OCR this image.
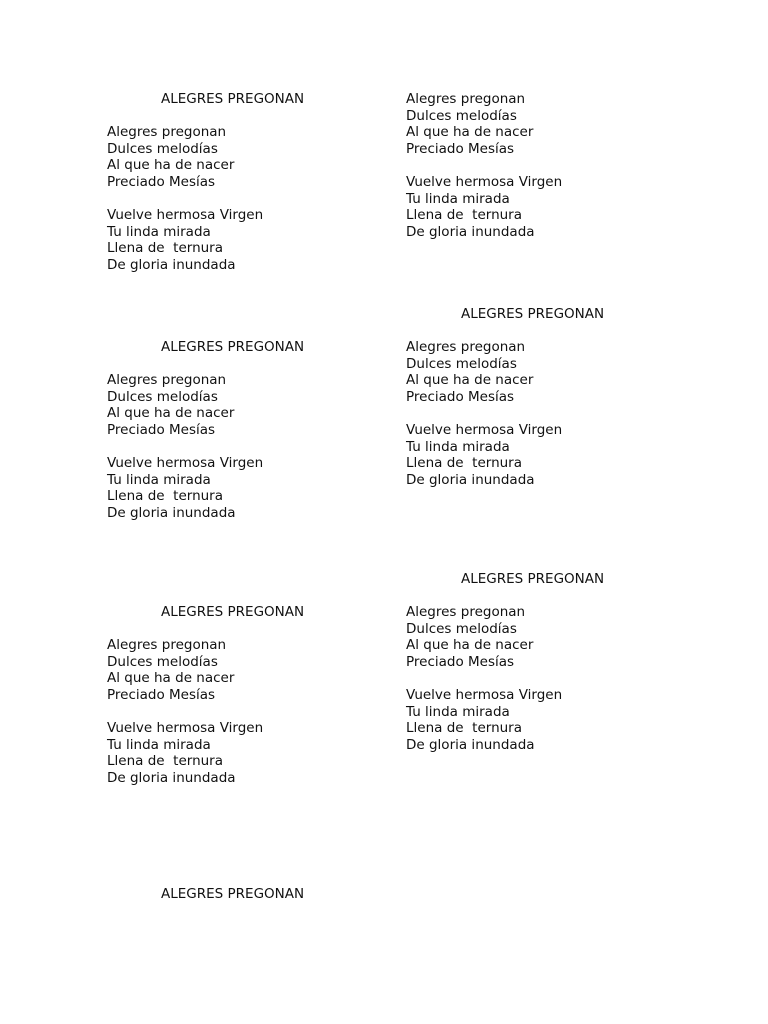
ALEGRES PREGONAN
Alegres pregonan
Dulces melodías
Al que ha de nacer
Preciado Mesías
Vuelve hermosa Virgen
Tu linda mirada
Llena de  ternura
De gloria inundada
Alegres pregonan
Dulces melodías
Al que ha de nacer
Preciado Mesías
Vuelve hermosa Virgen
Tu linda mirada
Llena de  ternura
De gloria inundada
ALEGRES PREGONAN
ALEGRES PREGONAN
Alegres pregonan
Dulces melodías
Al que ha de nacer
Preciado Mesías
Vuelve hermosa Virgen
Tu linda mirada
Llena de  ternura
De gloria inundada
Alegres pregonan
Dulces melodías
Al que ha de nacer
Preciado Mesías
Vuelve hermosa Virgen
Tu linda mirada
Llena de  ternura
De gloria inundada
ALEGRES PREGONAN
ALEGRES PREGONAN
Alegres pregonan
Dulces melodías
Al que ha de nacer
Preciado Mesías
Vuelve hermosa Virgen
Tu linda mirada
Llena de  ternura
De gloria inundada
Alegres pregonan
Dulces melodías
Al que ha de nacer
Preciado Mesías
Vuelve hermosa Virgen
Tu linda mirada
Llena de  ternura
De gloria inundada
ALEGRES PREGONAN
